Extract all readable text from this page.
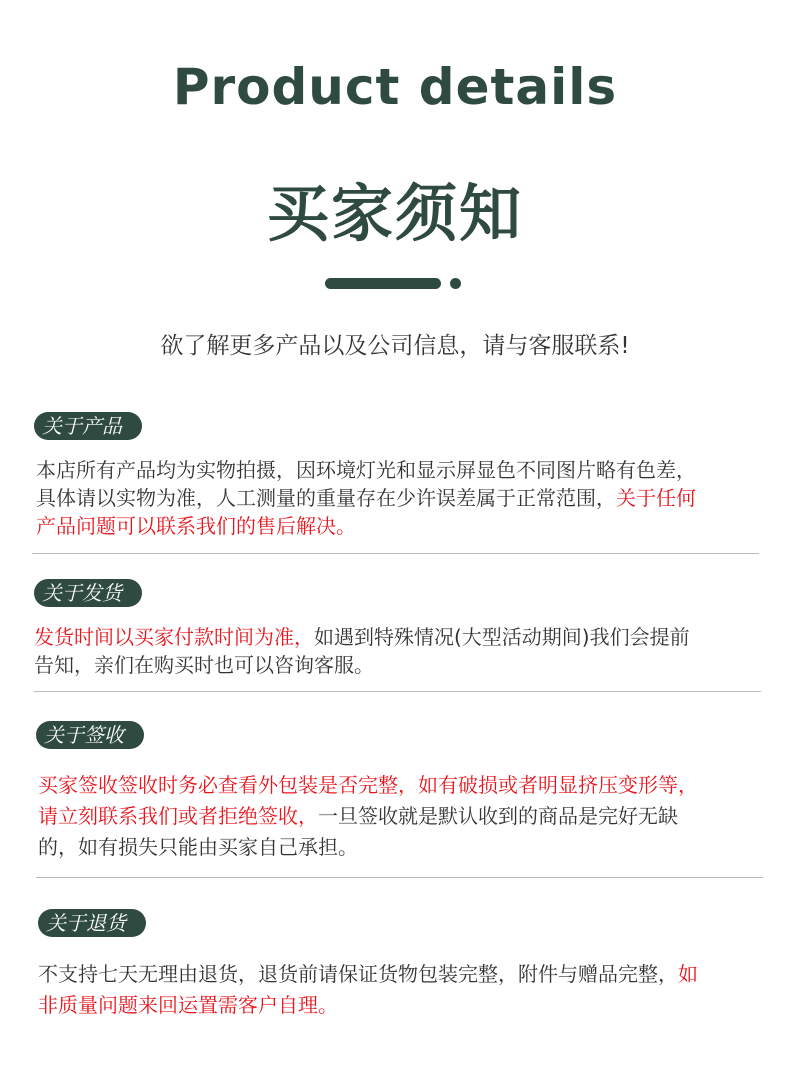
Product details
买家须知
欲了解更多产品以及公司信息，请与客服联系!
关于产品
本店所有产品均为实物拍摄，因环境灯光和显示屏显色不同图片略有色差，
具体请以实物为准，人工测量的重量存在少许误差属于正常范围，关于任何
产品问题可以联系我们的售后解决。
关于发货
发货时间以买家付款时间为准，如遇到特殊情况(大型活动期间)我们会提前
告知，亲们在购买时也可以咨询客服。
关于签收
买家签收签收时务必查看外包装是否完整，如有破损或者明显挤压变形等，
请立刻联系我们或者拒绝签收，一旦签收就是默认收到的商品是完好无缺
的，如有损失只能由买家自己承担。
关于退货
不支持七天无理由退货，退货前请保证货物包装完整，附件与赠品完整，如
非质量问题来回运置需客户自理。
